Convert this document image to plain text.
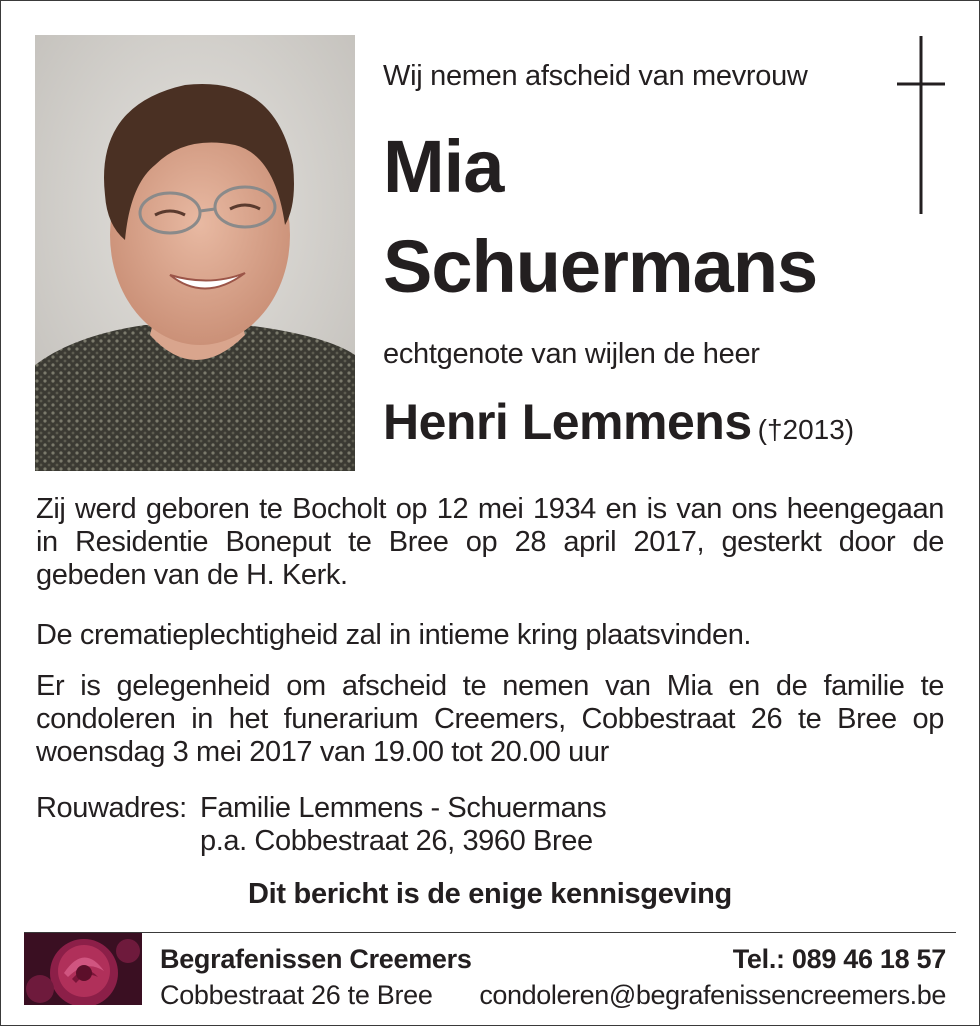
Wij nemen afscheid van mevrouw

Mia
Schuermans

echtgenote van wijlen de heer

Henri Lemmens (†2013)

Zij werd geboren te Bocholt op 12 mei 1934 en is van ons heengegaan in Residentie Boneput te Bree op 28 april 2017, gesterkt door de gebeden van de H. Kerk.

De crematieplechtigheid zal in intieme kring plaatsvinden.

Er is gelegenheid om afscheid te nemen van Mia en de familie te condoleren in het funerarium Creemers, Cobbestraat 26 te Bree op woensdag 3 mei 2017 van 19.00 tot 20.00 uur

Rouwadres: Familie Lemmens - Schuermans
p.a. Cobbestraat 26, 3960 Bree

Dit bericht is de enige kennisgeving

Begrafenissen Creemers
Cobbestraat 26 te Bree
Tel.: 089 46 18 57
condoleren@begrafenissencreemers.be
